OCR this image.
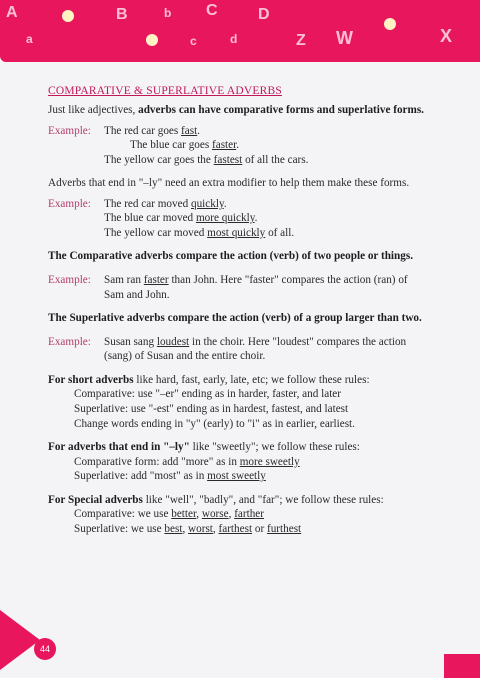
A
a
B	b C
c
D
d	Z W	X

COMPARATIVE & SUPERLATIVE ADVERBS

Just like adjectives, adverbs can have comparative forms and superlative forms.

Example:	The red car goes fast.

The blue car goes faster.

The yellow car goes the fastest of all the cars.

Adverbs that end in "–ly" need an extra modifier to help them make these forms.

Example:	The red car moved quickly.

The blue car moved more quickly.

The yellow car moved most quickly of all.

The Comparative adverbs compare the action (verb) of two people or things.

Example: Sam ran faster than John. Here "faster" compares the action (ran) of

Sam and John.

The Superlative adverbs compare the action (verb) of a group larger than two.

Example: Susan sang loudest in the choir. Here "loudest" compares the action

(sang) of Susan and the entire choir.

For short adverbs like hard, fast, early, late, etc; we follow these rules:

Comparative: use "–er" ending as in harder, faster, and later

Superlative: use "-est" ending as in hardest, fastest, and latest

Change words ending in "y" (early) to "i" as in earlier, earliest.

For adverbs that end in "–ly" like "sweetly"; we follow these rules:

Comparative form: add "more" as in more sweetly

Superlative: add "most" as in most sweetly

For Special adverbs like "well", "badly", and "far"; we follow these rules:

Comparative: we use better, worse, farther

Superlative: we use best, worst, farthest or furthest

44
